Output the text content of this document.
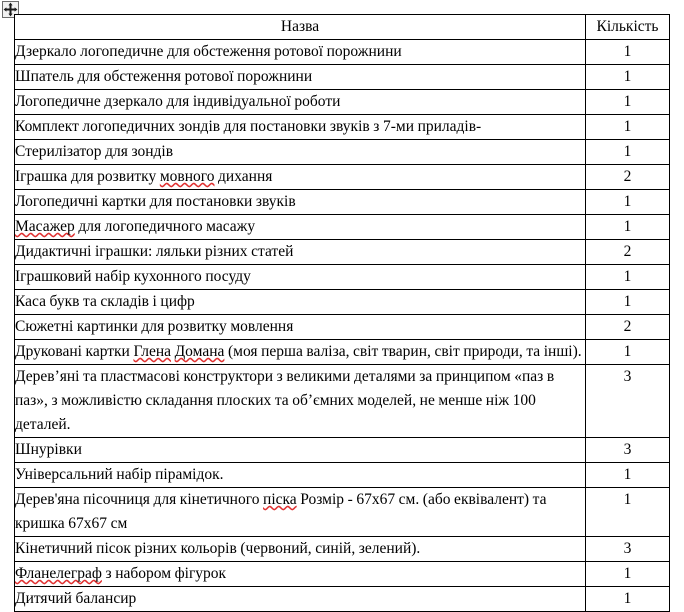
Назва	Кількість
Дзеркало логопедичне для обстеження ротової порожнини	1
Шпатель для обстеження ротової порожнини	1
Логопедичне дзеркало для індивідуальної роботи	1
Комплект логопедичних зондів для постановки звуків з 7-ми приладів-	1
Стерилізатор для зондів	1
Іграшка для розвитку мовного дихання	2
Логопедичні картки для постановки звуків	1
Масажер для логопедичного масажу	1
Дидактичні іграшки: ляльки різних статей	2
Іграшковий набір кухонного посуду	1
Каса букв та складів і цифр	1
Сюжетні картинки для розвитку мовлення	2
Друковані картки Глена Домана (моя перша валіза, світ тварин, світ природи, та інші).	1
Дерев’яні та пластмасові конструктори з великими деталями за принципом «паз в паз», з можливістю складання плоских та об’ємних моделей, не менше ніж 100 деталей.	3
Шнурівки	3
Універсальний набір пірамідок.	1
Дерев'яна пісочниця для кінетичного піска Розмір - 67х67 см. (або еквівалент) та кришка 67х67 см	1
Кінетичний пісок різних кольорів (червоний, синій, зелений).	3
Фланелеграф з набором фігурок	1
Дитячий балансир	1
